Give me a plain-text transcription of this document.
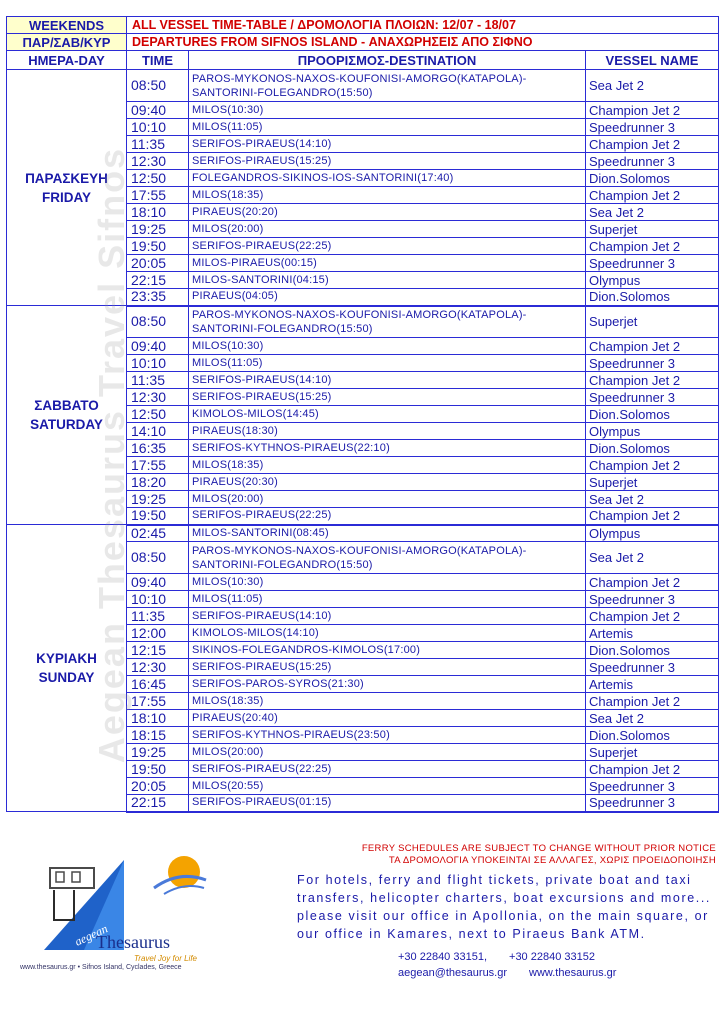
WEEKENDS	ALL VESSEL TIME-TABLE / ΔΡΟΜΟΛΟΓΙΑ ΠΛΟΙΩΝ: 12/07 - 18/07		
ΠΑΡ/ΣΑΒ/ΚΥΡ	DEPARTURES FROM SIFNOS ISLAND - ΑΝΑΧΩΡΗΣΕΙΣ ΑΠΟ ΣΙΦΝΟ		
ΗΜΕΡΑ-DAY	TIME	ΠΡΟΟΡΙΣΜΟΣ-DESTINATION	VESSEL NAME

ΠΑΡΑΣΚΕΥΗ
FRIDAY	08:50	PAROS-MYKONOS-NAXOS-KOUFONISI-AMORGO(KATAPOLA)-SANTORINI-FOLEGANDRO(15:50)	Sea Jet 2
	09:40	MILOS(10:30)	Champion Jet 2
	10:10	MILOS(11:05)	Speedrunner 3
	11:35	SERIFOS-PIRAEUS(14:10)	Champion Jet 2
	12:30	SERIFOS-PIRAEUS(15:25)	Speedrunner 3
	12:50	FOLEGANDROS-SIKINOS-IOS-SANTORINI(17:40)	Dion.Solomos
	17:55	MILOS(18:35)	Champion Jet 2
	18:10	PIRAEUS(20:20)	Sea Jet 2
	19:25	MILOS(20:00)	Superjet
	19:50	SERIFOS-PIRAEUS(22:25)	Champion Jet 2
	20:05	MILOS-PIRAEUS(00:15)	Speedrunner 3
	22:15	MILOS-SANTORINI(04:15)	Olympus
	23:35	PIRAEUS(04:05)	Dion.Solomos

ΣΑΒΒΑΤΟ
SATURDAY	08:50	PAROS-MYKONOS-NAXOS-KOUFONISI-AMORGO(KATAPOLA)-SANTORINI-FOLEGANDRO(15:50)	Superjet
	09:40	MILOS(10:30)	Champion Jet 2
	10:10	MILOS(11:05)	Speedrunner 3
	11:35	SERIFOS-PIRAEUS(14:10)	Champion Jet 2
	12:30	SERIFOS-PIRAEUS(15:25)	Speedrunner 3
	12:50	KIMOLOS-MILOS(14:45)	Dion.Solomos
	14:10	PIRAEUS(18:30)	Olympus
	16:35	SERIFOS-KYTHNOS-PIRAEUS(22:10)	Dion.Solomos
	17:55	MILOS(18:35)	Champion Jet 2
	18:20	PIRAEUS(20:30)	Superjet
	19:25	MILOS(20:00)	Sea Jet 2
	19:50	SERIFOS-PIRAEUS(22:25)	Champion Jet 2

ΚΥΡΙΑΚΗ
SUNDAY	02:45	MILOS-SANTORINI(08:45)	Olympus
	08:50	PAROS-MYKONOS-NAXOS-KOUFONISI-AMORGO(KATAPOLA)-SANTORINI-FOLEGANDRO(15:50)	Sea Jet 2
	09:40	MILOS(10:30)	Champion Jet 2
	10:10	MILOS(11:05)	Speedrunner 3
	11:35	SERIFOS-PIRAEUS(14:10)	Champion Jet 2
	12:00	KIMOLOS-MILOS(14:10)	Artemis
	12:15	SIKINOS-FOLEGANDROS-KIMOLOS(17:00)	Dion.Solomos
	12:30	SERIFOS-PIRAEUS(15:25)	Speedrunner 3
	16:45	SERIFOS-PAROS-SYROS(21:30)	Artemis
	17:55	MILOS(18:35)	Champion Jet 2
	18:10	PIRAEUS(20:40)	Sea Jet 2
	18:15	SERIFOS-KYTHNOS-PIRAEUS(23:50)	Dion.Solomos
	19:25	MILOS(20:00)	Superjet
	19:50	SERIFOS-PIRAEUS(22:25)	Champion Jet 2
	20:05	MILOS(20:55)	Speedrunner 3
	22:15	SERIFOS-PIRAEUS(01:15)	Speedrunner 3
Aegean Thesaurus Travel Sifnos
FERRY SCHEDULES ARE SUBJECT TO CHANGE WITHOUT PRIOR NOTICE
ΤΑ ΔΡΟΜΟΛΟΓΙΑ ΥΠΟΚΕΙΝΤΑΙ ΣΕ ΑΛΛΑΓΕΣ, ΧΩΡΙΣ ΠΡΟΕΙΔΟΠΟΙΗΣΗ
aegean
Thesaurus
Travel Joy for Life
www.thesaurus.gr • Sifnos Island, Cyclades, Greece
For hotels, ferry and flight tickets, private boat and taxi transfers, helicopter charters, boat excursions and more... please visit our office in Apollonia, on the main square, or our office in Kamares, next to Piraeus Bank ATM.
+30 22840 33151, +30 22840 33152
aegean@thesaurus.gr www.thesaurus.gr
